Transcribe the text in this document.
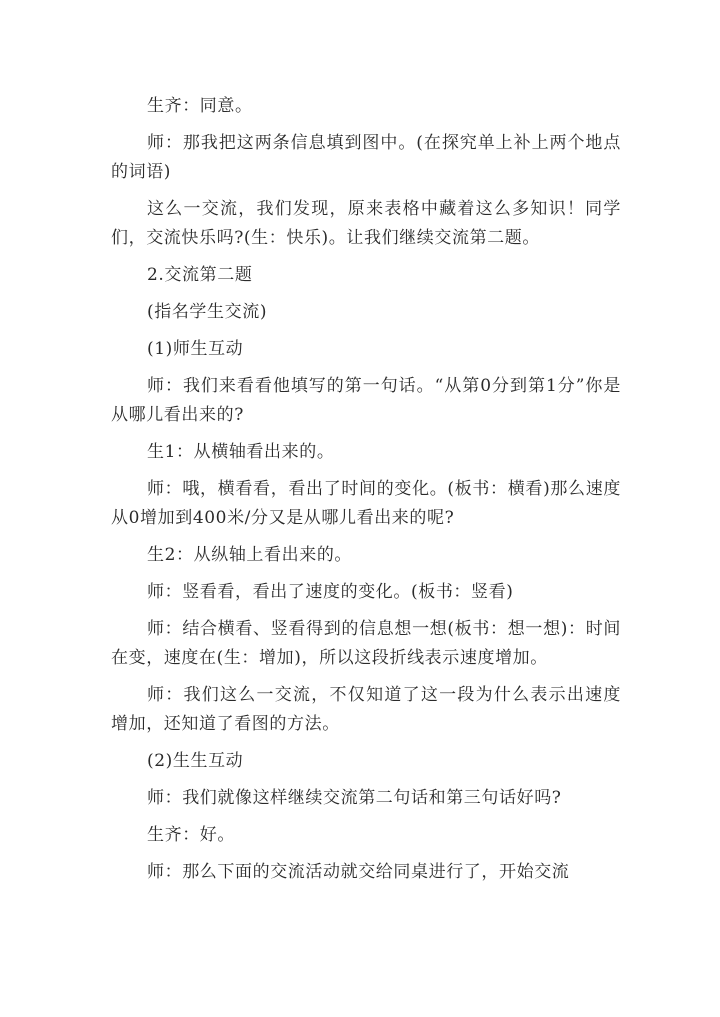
生齐：同意。

师：那我把这两条信息填到图中。(在探究单上补上两个地点的词语)

这么一交流，我们发现，原来表格中藏着这么多知识！同学们，交流快乐吗?(生：快乐)。让我们继续交流第二题。

2.交流第二题

(指名学生交流)

(1)师生互动

师：我们来看看他填写的第一句话。“从第0分到第1分”你是从哪儿看出来的?

生1：从横轴看出来的。

师：哦，横看看，看出了时间的变化。(板书：横看)那么速度从0增加到400米/分又是从哪儿看出来的呢?

生2：从纵轴上看出来的。

师：竖看看，看出了速度的变化。(板书：竖看)

师：结合横看、竖看得到的信息想一想(板书：想一想)：时间在变，速度在(生：增加)，所以这段折线表示速度增加。

师：我们这么一交流，不仅知道了这一段为什么表示出速度增加，还知道了看图的方法。

(2)生生互动

师：我们就像这样继续交流第二句话和第三句话好吗?

生齐：好。

师：那么下面的交流活动就交给同桌进行了，开始交流
